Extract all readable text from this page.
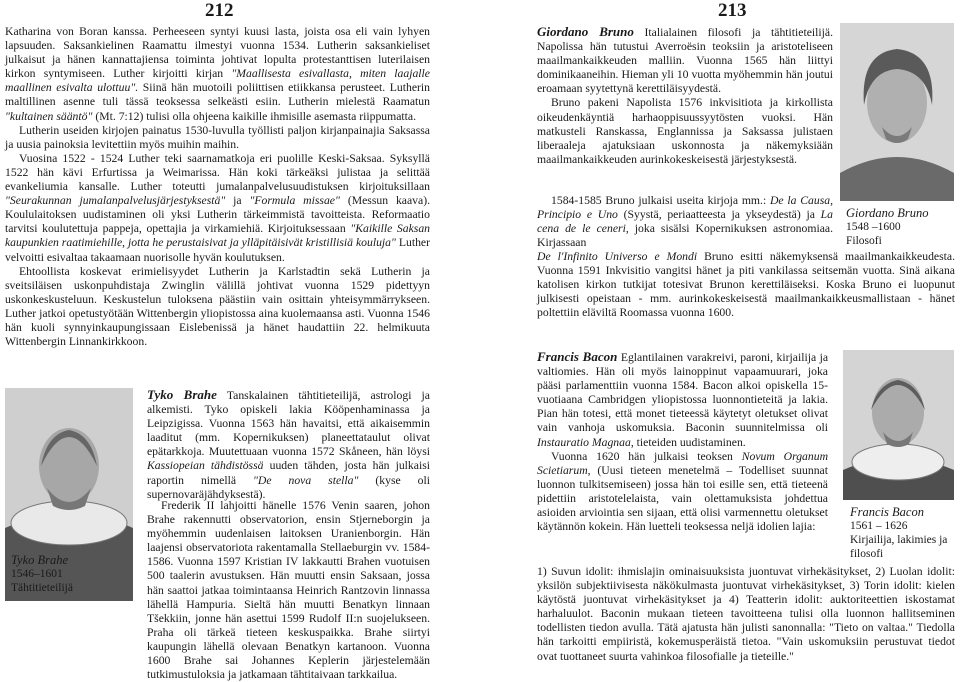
212	213

Katharina von Boran kanssa. Perheeseen syntyi kuusi lasta, joista osa eli vain lyhyen lapsuuden. Saksankielinen Raamattu ilmestyi vuonna 1534. Lutherin saksankieliset julkaisut ja hänen kannattajiensa toiminta johtivat lopulta protestanttisen luterilaisen kirkon syntymiseen. Luther kirjoitti kirjan "Maallisesta esivallasta, miten laajalle maallinen esivalta ulottuu". Siinä hän muotoili poliittisen etiikkansa perusteet. Lutherin maltillinen asenne tuli tässä teoksessa selkeästi esiin. Lutherin mielestä Raamatun "kultainen sääntö" (Mt. 7:12) tulisi olla ohjeena kaikille ihmisille asemasta riippumatta.

Lutherin useiden kirjojen painatus 1530-luvulla työllisti paljon kirjanpainajia Saksassa ja uusia painoksia levitettiin myös muihin maihin.

Vuosina 1522 - 1524 Luther teki saarnamatkoja eri puolille Keski-Saksaa. Syksyllä 1522 hän kävi Erfurtissa ja Weimarissa. Hän koki tärkeäksi julistaa ja selittää evankeliumia kansalle. Luther toteutti jumalanpalvelusuudistuksen kirjoituksillaan "Seurakunnan jumalanpalvelusjärjestyksestä" ja "Formula missae" (Messun kaava). Koululaitoksen uudistaminen oli yksi Lutherin tärkeimmistä tavoitteista. Reformaatio tarvitsi koulutettuja pappeja, opettajia ja virkamiehiä. Kirjoituksessaan "Kaikille Saksan kaupunkien raatimiehille, jotta he perustaisivat ja ylläpitäisivät kristillisiä kouluja" Luther velvoitti esivaltaa takaamaan nuorisolle hyvän koulutuksen.

Ehtoollista koskevat erimielisyydet Lutherin ja Karlstadtin sekä Lutherin ja sveitsiläisen uskonpuhdistaja Zwinglin välillä johtivat vuonna 1529 pidettyyn uskonkeskusteluun. Keskustelun tuloksena päästiin vain osittain yhteisymmärrykseen. Luther jatkoi opetustyötään Wittenbergin yliopistossa aina kuolemaansa asti. Vuonna 1546 hän kuoli synnyinkaupungissaan Eislebenissä ja hänet haudattiin 22. helmikuuta Wittenbergin Linnankirkkoon.

Tyko Brahe
1546–1601
Tähtitieteilijä

Tyko Brahe Tanskalainen tähtitieteilijä, astrologi ja alkemisti. Tyko opiskeli lakia Kööpenhaminassa ja Leipzigissa. Vuonna 1563 hän havaitsi, että aikaisemmin laaditut (mm. Kopernikuksen) planeettataulut olivat epätarkkoja. Muutettuaan vuonna 1572 Skåneen, hän löysi Kassiopeian tähdistössä uuden tähden, josta hän julkaisi raportin nimellä "De nova stella" (kyse oli supernovaräjähdyksestä).

Frederik II lahjoitti hänelle 1576 Venin saaren, johon Brahe rakennutti observatorion, ensin Stjerneborgin ja myöhemmin uudenlaisen laitoksen Uranienborgin. Hän laajensi observatoriota rakentamalla Stellaeburgin vv. 1584-1586. Vuonna 1597 Kristian IV lakkautti Brahen vuotuisen 500 taalerin avustuksen. Hän muutti ensin Saksaan, jossa hän saattoi jatkaa toimintaansa Heinrich Rantzovin linnassa lähellä Hampuria. Sieltä hän muutti Benatkyn linnaan Tšekkiin, jonne hän asettui 1599 Rudolf II:n suojelukseen. Praha oli tärkeä tieteen keskuspaikka. Brahe siirtyi kaupungin lähellä olevaan Benatkyn kartanoon. Vuonna 1600 Brahe sai Johannes Keplerin järjestelemään tutkimustuloksia ja jatkamaan tähtitaivaan tarkkailua.

Giordano Bruno Italialainen filosofi ja tähtitieteilijä. Napolissa hän tutustui Averroësin teoksiin ja aristoteliseen maailmankaikkeuden malliin. Vuonna 1565 hän liittyi dominikaaneihin. Hieman yli 10 vuotta myöhemmin hän joutui eroamaan syytettynä kerettiläisyydestä.

Bruno pakeni Napolista 1576 inkvisitiota ja kirkollista oikeudenkäyntiä harhaoppisuussyytösten vuoksi. Hän matkusteli Ranskassa, Englannissa ja Saksassa julistaen liberaaleja ajatuksiaan uskonnosta ja näkemyksiään maailmankaikkeuden aurinkokeskeisestä järjestyksestä.

Giordano Bruno
1548 –1600
Filosofi

1584-1585 Bruno julkaisi useita kirjoja mm.: De la Causa, Principio e Uno (Syystä, periaatteesta ja ykseydestä) ja La cena de le ceneri, joka sisälsi Kopernikuksen astronomiaa. Kirjassaan

De l'Infinito Universo e Mondi Bruno esitti näkemyksensä maailmankaikkeudesta. Vuonna 1591 Inkvisitio vangitsi hänet ja piti vankilassa seitsemän vuotta. Sinä aikana katolisen kirkon tutkijat totesivat Brunon kerettiläiseksi. Koska Bruno ei luopunut julkisesti opeistaan - mm. aurinkokeskeisestä maailmankaikkeusmallistaan - hänet poltettiin eläviltä Roomassa vuonna 1600.

Francis Bacon Eglantilainen varakreivi, paroni, kirjailija ja valtiomies. Hän oli myös lainoppinut vapaamuurari, joka pääsi parlamenttiin vuonna 1584. Bacon alkoi opiskella 15-vuotiaana Cambridgen yliopistossa luonnontieteitä ja lakia. Pian hän totesi, että monet tieteessä käytetyt oletukset olivat vain vanhoja uskomuksia. Baconin suunnitelmissa oli Instauratio Magnaa, tieteiden uudistaminen.

Vuonna 1620 hän julkaisi teoksen Novum Organum Scietiarum, (Uusi tieteen menetelmä – Todelliset suunnat luonnon tulkitsemiseen) jossa hän toi esille sen, että tieteenä pidettiin aristotelelaista, vain olettamuksista johdettua asioiden arviointia sen sijaan, että olisi varmennettu oletukset käytännön kokein. Hän luetteli teoksessa neljä idolien lajia:

Francis Bacon
1561 – 1626
Kirjailija, lakimies ja filosofi

1) Suvun idolit: ihmislajin ominaisuuksista juontuvat virhekäsitykset, 2) Luolan idolit: yksilön subjektiivisesta näkökulmasta juontuvat virhekäsitykset, 3) Torin idolit: kielen käytöstä juontuvat virhekäsitykset ja 4) Teatterin idolit: auktoriteettien iskostamat harhaluulot. Baconin mukaan tieteen tavoitteena tulisi olla luonnon hallitseminen todellisten tiedon avulla. Tätä ajatusta hän julisti sanonnalla: "Tieto on valtaa." Tiedolla hän tarkoitti empiiristä, kokemusperäistä tietoa. "Vain uskomuksiin perustuvat tiedot ovat tuottaneet suurta vahinkoa filosofialle ja tieteille."
